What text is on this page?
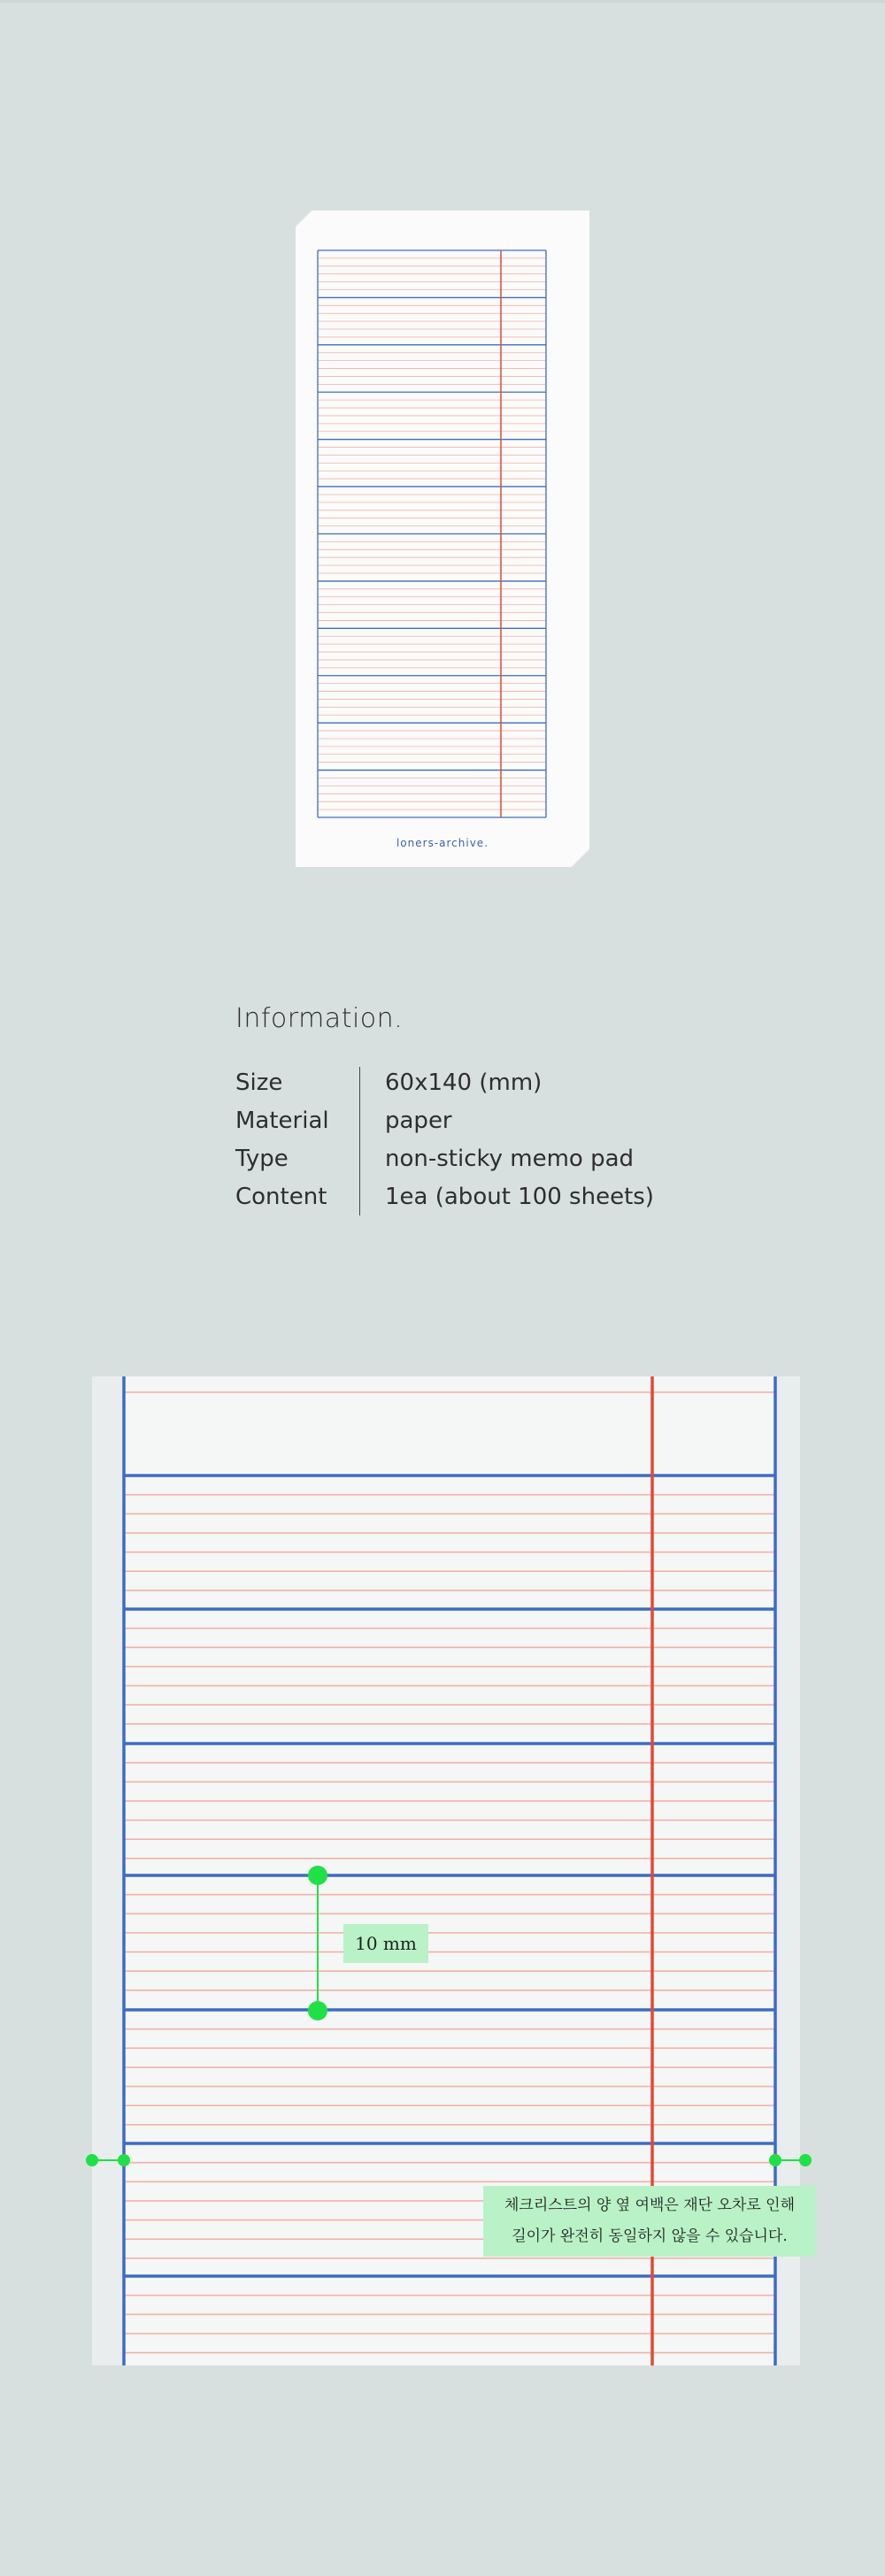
loners-archive.
Information.
Size	60x140 (mm)
Material	paper
Type	non-sticky memo pad
Content	1ea (about 100 sheets)
10 mm
체크리스트의 양 옆 여백은 재단 오차로 인해
길이가 완전히 동일하지 않을 수 있습니다.
